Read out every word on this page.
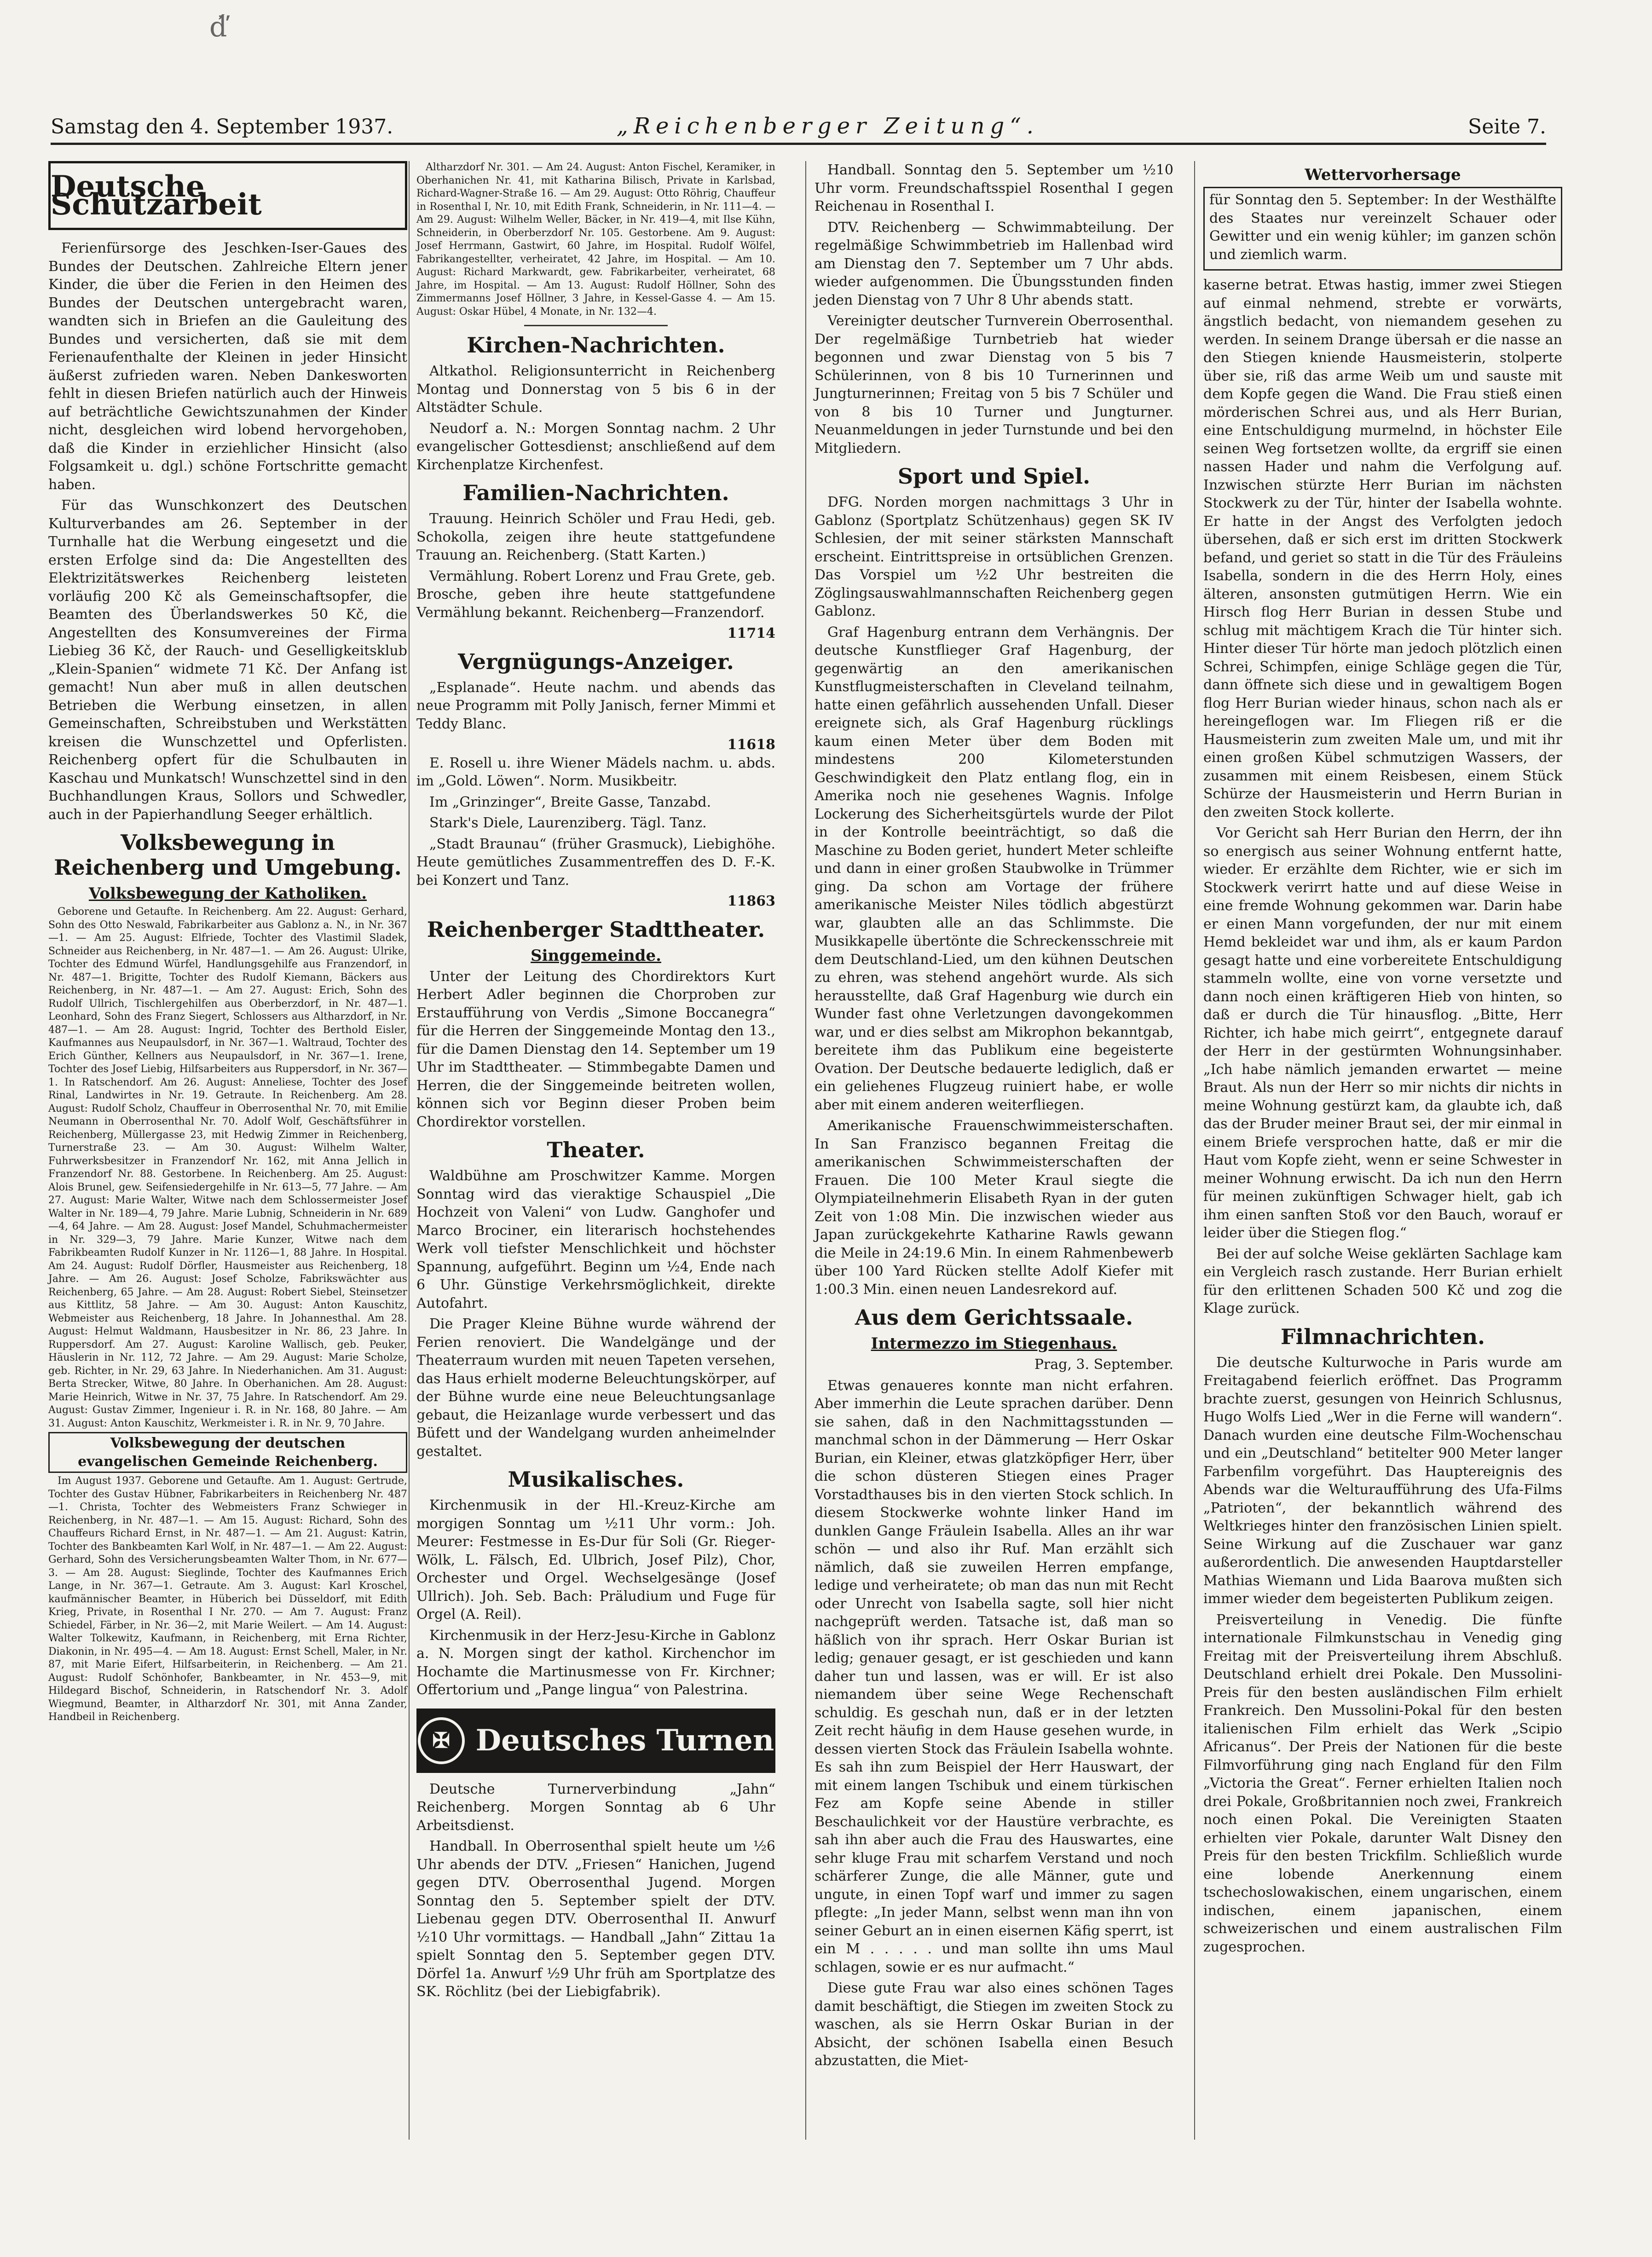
ď́
Samstag den 4. September 1937.	„Reichenberger Zeitung“.	Seite 7.
Deutsche Schutzarbeit

Ferienfürsorge des Jeschken-Iser-Gaues des Bundes der Deutschen. Zahlreiche Eltern jener Kinder, die über die Ferien in den Heimen des Bundes der Deutschen untergebracht waren, wandten sich in Briefen an die Gauleitung des Bundes und versicherten, daß sie mit dem Ferienaufenthalte der Kleinen in jeder Hinsicht äußerst zufrieden waren. Neben Dankesworten fehlt in diesen Briefen natürlich auch der Hinweis auf beträchtliche Gewichtszunahmen der Kinder nicht, desgleichen wird lobend hervorgehoben, daß die Kinder in erziehlicher Hinsicht (also Folgsamkeit u. dgl.) schöne Fortschritte gemacht haben.

Für das Wunschkonzert des Deutschen Kulturverbandes am 26. September in der Turnhalle hat die Werbung eingesetzt und die ersten Erfolge sind da: Die Angestellten des Elektrizitätswerkes Reichenberg leisteten vorläufig 200 Kč als Gemeinschaftsopfer, die Beamten des Überlandswerkes 50 Kč, die Angestellten des Konsumvereines der Firma Liebieg 36 Kč, der Rauch- und Geselligkeitsklub „Klein-Spanien“ widmete 71 Kč. Der Anfang ist gemacht! Nun aber muß in allen deutschen Betrieben die Werbung einsetzen, in allen Gemeinschaften, Schreibstuben und Werkstätten kreisen die Wunschzettel und Opferlisten. Reichenberg opfert für die Schulbauten in Kaschau und Munkatsch! Wunschzettel sind in den Buchhandlungen Kraus, Sollors und Schwedler, auch in der Papierhandlung Seeger erhältlich.

Volksbewegung in Reichenberg und Umgebung.
Volksbewegung der Katholiken.

Geborene und Getaufte. In Reichenberg. Am 22. August: Gerhard, Sohn des Otto Neswald, Fabrikarbeiter aus Gablonz a. N., in Nr. 367—1. — Am 25. August: Elfriede, Tochter des Vlastimil Sladek, Schneider aus Reichenberg, in Nr. 487—1. — Am 26. August: Ulrike, Tochter des Edmund Würfel, Handlungsgehilfe aus Franzendorf, in Nr. 487—1. Brigitte, Tochter des Rudolf Kiemann, Bäckers aus Reichenberg, in Nr. 487—1. — Am 27. August: Erich, Sohn des Rudolf Ullrich, Tischlergehilfen aus Oberberzdorf, in Nr. 487—1. Leonhard, Sohn des Franz Siegert, Schlossers aus Altharzdorf, in Nr. 487—1. — Am 28. August: Ingrid, Tochter des Berthold Eisler, Kaufmannes aus Neupaulsdorf, in Nr. 367—1. Waltraud, Tochter des Erich Günther, Kellners aus Neupaulsdorf, in Nr. 367—1. Irene, Tochter des Josef Liebig, Hilfsarbeiters aus Ruppersdorf, in Nr. 367—1. In Ratschendorf. Am 26. August: Anneliese, Tochter des Josef Rinal, Landwirtes in Nr. 19. Getraute. In Reichenberg. Am 28. August: Rudolf Scholz, Chauffeur in Oberrosenthal Nr. 70, mit Emilie Neumann in Oberrosenthal Nr. 70. Adolf Wolf, Geschäftsführer in Reichenberg, Müllergasse 23, mit Hedwig Zimmer in Reichenberg, Turnerstraße 23. — Am 30. August: Wilhelm Walter, Fuhrwerksbesitzer in Franzendorf Nr. 162, mit Anna Jellich in Franzendorf Nr. 88. Gestorbene. In Reichenberg. Am 25. August: Alois Brunel, gew. Seifensiedergehilfe in Nr. 613—5, 77 Jahre. — Am 27. August: Marie Walter, Witwe nach dem Schlossermeister Josef Walter in Nr. 189—4, 79 Jahre. Marie Lubnig, Schneiderin in Nr. 689—4, 64 Jahre. — Am 28. August: Josef Mandel, Schuhmachermeister in Nr. 329—3, 79 Jahre. Marie Kunzer, Witwe nach dem Fabrikbeamten Rudolf Kunzer in Nr. 1126—1, 88 Jahre. In Hospital. Am 24. August: Rudolf Dörfler, Hausmeister aus Reichenberg, 18 Jahre. — Am 26. August: Josef Scholze, Fabrikswächter aus Reichenberg, 65 Jahre. — Am 28. August: Robert Siebel, Steinsetzer aus Kittlitz, 58 Jahre. — Am 30. August: Anton Kauschitz, Webmeister aus Reichenberg, 18 Jahre. In Johannesthal. Am 28. August: Helmut Waldmann, Hausbesitzer in Nr. 86, 23 Jahre. In Ruppersdorf. Am 27. August: Karoline Wallisch, geb. Peuker, Häuslerin in Nr. 112, 72 Jahre. — Am 29. August: Marie Scholze, geb. Richter, in Nr. 29, 63 Jahre. In Niederhanichen. Am 31. August: Berta Strecker, Witwe, 80 Jahre. In Oberhanichen. Am 28. August: Marie Heinrich, Witwe in Nr. 37, 75 Jahre. In Ratschendorf. Am 29. August: Gustav Zimmer, Ingenieur i. R. in Nr. 168, 80 Jahre. — Am 31. August: Anton Kauschitz, Werkmeister i. R. in Nr. 9, 70 Jahre.

Volksbewegung der deutschen evangelischen Gemeinde Reichenberg.

Im August 1937. Geborene und Getaufte. Am 1. August: Gertrude, Tochter des Gustav Hübner, Fabrikarbeiters in Reichenberg Nr. 487—1. Christa, Tochter des Webmeisters Franz Schwieger in Reichenberg, in Nr. 487—1. — Am 15. August: Richard, Sohn des Chauffeurs Richard Ernst, in Nr. 487—1. — Am 21. August: Katrin, Tochter des Bankbeamten Karl Wolf, in Nr. 487—1. — Am 22. August: Gerhard, Sohn des Versicherungsbeamten Walter Thom, in Nr. 677—3. — Am 28. August: Sieglinde, Tochter des Kaufmannes Erich Lange, in Nr. 367—1. Getraute. Am 3. August: Karl Kroschel, kaufmännischer Beamter, in Hüberich bei Düsseldorf, mit Edith Krieg, Private, in Rosenthal I Nr. 270. — Am 7. August: Franz Schiedel, Färber, in Nr. 36—2, mit Marie Weilert. — Am 14. August: Walter Tolkewitz, Kaufmann, in Reichenberg, mit Erna Richter, Diakonin, in Nr. 495—4. — Am 18. August: Ernst Schell, Maler, in Nr. 87, mit Marie Eifert, Hilfsarbeiterin, in Reichenberg. — Am 21. August: Rudolf Schönhofer, Bankbeamter, in Nr. 453—9, mit Hildegard Bischof, Schneiderin, in Ratschendorf Nr. 3. Adolf Wiegmund, Beamter, in Altharzdorf Nr. 301, mit Anna Zander, Handbeil in Reichenberg.

Altharzdorf Nr. 301. — Am 24. August: Anton Fischel, Keramiker, in Oberhanichen Nr. 41, mit Katharina Bilisch, Private in Karlsbad, Richard-Wagner-Straße 16. — Am 29. August: Otto Röhrig, Chauffeur in Rosenthal I, Nr. 10, mit Edith Frank, Schneiderin, in Nr. 111—4. — Am 29. August: Wilhelm Weller, Bäcker, in Nr. 419—4, mit Ilse Kühn, Schneiderin, in Oberberzdorf Nr. 105. Gestorbene. Am 9. August: Josef Herrmann, Gastwirt, 60 Jahre, im Hospital. Rudolf Wölfel, Fabrikangestellter, verheiratet, 42 Jahre, im Hospital. — Am 10. August: Richard Markwardt, gew. Fabrikarbeiter, verheiratet, 68 Jahre, im Hospital. — Am 13. August: Rudolf Höllner, Sohn des Zimmermanns Josef Höllner, 3 Jahre, in Kessel-Gasse 4. — Am 15. August: Oskar Hübel, 4 Monate, in Nr. 132—4.

Kirchen-Nachrichten.

Altkathol. Religionsunterricht in Reichenberg Montag und Donnerstag von 5 bis 6 in der Altstädter Schule.

Neudorf a. N.: Morgen Sonntag nachm. 2 Uhr evangelischer Gottesdienst; anschließend auf dem Kirchenplatze Kirchenfest.

Familien-Nachrichten.

Trauung. Heinrich Schöler und Frau Hedi, geb. Schokolla, zeigen ihre heute stattgefundene Trauung an. Reichenberg. (Statt Karten.)

Vermählung. Robert Lorenz und Frau Grete, geb. Brosche, geben ihre heute stattgefundene Vermählung bekannt. Reichenberg—Franzendorf.

11714
Vergnügungs-Anzeiger.

„Esplanade“. Heute nachm. und abends das neue Programm mit Polly Janisch, ferner Mimmi et Teddy Blanc.

11618

E. Rosell u. ihre Wiener Mädels nachm. u. abds. im „Gold. Löwen“. Norm. Musikbeitr.

Im „Grinzinger“, Breite Gasse, Tanzabd.

Stark's Diele, Laurenziberg. Tägl. Tanz.

„Stadt Braunau“ (früher Grasmuck), Liebighöhe. Heute gemütliches Zusammentreffen des D. F.-K. bei Konzert und Tanz.

11863
Reichenberger Stadttheater.
Singgemeinde.

Unter der Leitung des Chordirektors Kurt Herbert Adler beginnen die Chorproben zur Erstaufführung von Verdis „Simone Boccanegra“ für die Herren der Singgemeinde Montag den 13., für die Damen Dienstag den 14. September um 19 Uhr im Stadttheater. — Stimmbegabte Damen und Herren, die der Singgemeinde beitreten wollen, können sich vor Beginn dieser Proben beim Chordirektor vorstellen.

Theater.

Waldbühne am Proschwitzer Kamme. Morgen Sonntag wird das vieraktige Schauspiel „Die Hochzeit von Valeni“ von Ludw. Ganghofer und Marco Brociner, ein literarisch hochstehendes Werk voll tiefster Menschlichkeit und höchster Spannung, aufgeführt. Beginn um ½4, Ende nach 6 Uhr. Günstige Verkehrsmöglichkeit, direkte Autofahrt.

Die Prager Kleine Bühne wurde während der Ferien renoviert. Die Wandelgänge und der Theaterraum wurden mit neuen Tapeten versehen, das Haus erhielt moderne Beleuchtungskörper, auf der Bühne wurde eine neue Beleuchtungsanlage gebaut, die Heizanlage wurde verbessert und das Büfett und der Wandelgang wurden anheimelnder gestaltet.

Musikalisches.

Kirchenmusik in der Hl.-Kreuz-Kirche am morgigen Sonntag um ½11 Uhr vorm.: Joh. Meurer: Festmesse in Es-Dur für Soli (Gr. Rieger-Wölk, L. Fälsch, Ed. Ulbrich, Josef Pilz), Chor, Orchester und Orgel. Wechselgesänge (Josef Ullrich). Joh. Seb. Bach: Präludium und Fuge für Orgel (A. Reil).

Kirchenmusik in der Herz-Jesu-Kirche in Gablonz a. N. Morgen singt der kathol. Kirchenchor im Hochamte die Martinusmesse von Fr. Kirchner; Offertorium und „Pange lingua“ von Palestrina.

✠ Deutsches Turnen

Deutsche Turnerverbindung „Jahn“ Reichenberg. Morgen Sonntag ab 6 Uhr Arbeitsdienst.

Handball. In Oberrosenthal spielt heute um ½6 Uhr abends der DTV. „Friesen“ Hanichen, Jugend gegen DTV. Oberrosenthal Jugend. Morgen Sonntag den 5. September spielt der DTV. Liebenau gegen DTV. Oberrosenthal II. Anwurf ½10 Uhr vormittags. — Handball „Jahn“ Zittau 1a spielt Sonntag den 5. September gegen DTV. Dörfel 1a. Anwurf ½9 Uhr früh am Sportplatze des SK. Röchlitz (bei der Liebigfabrik).

Handball. Sonntag den 5. September um ½10 Uhr vorm. Freundschaftsspiel Rosenthal I gegen Reichenau in Rosenthal I.

DTV. Reichenberg — Schwimmabteilung. Der regelmäßige Schwimmbetrieb im Hallenbad wird am Dienstag den 7. September um 7 Uhr abds. wieder aufgenommen. Die Übungsstunden finden jeden Dienstag von 7 Uhr 8 Uhr abends statt.

Vereinigter deutscher Turnverein Oberrosenthal. Der regelmäßige Turnbetrieb hat wieder begonnen und zwar Dienstag von 5 bis 7 Schülerinnen, von 8 bis 10 Turnerinnen und Jungturnerinnen; Freitag von 5 bis 7 Schüler und von 8 bis 10 Turner und Jungturner. Neuanmeldungen in jeder Turnstunde und bei den Mitgliedern.

Sport und Spiel.

DFG. Norden morgen nachmittags 3 Uhr in Gablonz (Sportplatz Schützenhaus) gegen SK IV Schlesien, der mit seiner stärksten Mannschaft erscheint. Eintrittspreise in ortsüblichen Grenzen. Das Vorspiel um ½2 Uhr bestreiten die Zöglingsauswahlmannschaften Reichenberg gegen Gablonz.

Graf Hagenburg entrann dem Verhängnis. Der deutsche Kunstflieger Graf Hagenburg, der gegenwärtig an den amerikanischen Kunstflugmeisterschaften in Cleveland teilnahm, hatte einen gefährlich aussehenden Unfall. Dieser ereignete sich, als Graf Hagenburg rücklings kaum einen Meter über dem Boden mit mindestens 200 Kilometerstunden Geschwindigkeit den Platz entlang flog, ein in Amerika noch nie gesehenes Wagnis. Infolge Lockerung des Sicherheitsgürtels wurde der Pilot in der Kontrolle beeinträchtigt, so daß die Maschine zu Boden geriet, hundert Meter schleifte und dann in einer großen Staubwolke in Trümmer ging. Da schon am Vortage der frühere amerikanische Meister Niles tödlich abgestürzt war, glaubten alle an das Schlimmste. Die Musikkapelle übertönte die Schreckensschreie mit dem Deutschland-Lied, um den kühnen Deutschen zu ehren, was stehend angehört wurde. Als sich herausstellte, daß Graf Hagenburg wie durch ein Wunder fast ohne Verletzungen davongekommen war, und er dies selbst am Mikrophon bekanntgab, bereitete ihm das Publikum eine begeisterte Ovation. Der Deutsche bedauerte lediglich, daß er ein geliehenes Flugzeug ruiniert habe, er wolle aber mit einem anderen weiterfliegen.

Amerikanische Frauenschwimmeisterschaften. In San Franzisco begannen Freitag die amerikanischen Schwimmeisterschaften der Frauen. Die 100 Meter Kraul siegte die Olympiateilnehmerin Elisabeth Ryan in der guten Zeit von 1:08 Min. Die inzwischen wieder aus Japan zurückgekehrte Katharine Rawls gewann die Meile in 24:19.6 Min. In einem Rahmenbewerb über 100 Yard Rücken stellte Adolf Kiefer mit 1:00.3 Min. einen neuen Landesrekord auf.

Aus dem Gerichtssaale.
Intermezzo im Stiegenhaus.

Prag, 3. September.

Etwas genaueres konnte man nicht erfahren. Aber immerhin die Leute sprachen darüber. Denn sie sahen, daß in den Nachmittagsstunden — manchmal schon in der Dämmerung — Herr Oskar Burian, ein Kleiner, etwas glatzköpfiger Herr, über die schon düsteren Stiegen eines Prager Vorstadthauses bis in den vierten Stock schlich. In diesem Stockwerke wohnte linker Hand im dunklen Gange Fräulein Isabella. Alles an ihr war schön — und also ihr Ruf. Man erzählt sich nämlich, daß sie zuweilen Herren empfange, ledige und verheiratete; ob man das nun mit Recht oder Unrecht von Isabella sagte, soll hier nicht nachgeprüft werden. Tatsache ist, daß man so häßlich von ihr sprach. Herr Oskar Burian ist ledig; genauer gesagt, er ist geschieden und kann daher tun und lassen, was er will. Er ist also niemandem über seine Wege Rechenschaft schuldig. Es geschah nun, daß er in der letzten Zeit recht häufig in dem Hause gesehen wurde, in dessen vierten Stock das Fräulein Isabella wohnte. Es sah ihn zum Beispiel der Herr Hauswart, der mit einem langen Tschibuk und einem türkischen Fez am Kopfe seine Abende in stiller Beschaulichkeit vor der Haustüre verbrachte, es sah ihn aber auch die Frau des Hauswartes, eine sehr kluge Frau mit scharfem Verstand und noch schärferer Zunge, die alle Männer, gute und ungute, in einen Topf warf und immer zu sagen pflegte: „In jeder Mann, selbst wenn man ihn von seiner Geburt an in einen eisernen Käfig sperrt, ist ein M . . . . . und man sollte ihn ums Maul schlagen, sowie er es nur aufmacht.“

Diese gute Frau war also eines schönen Tages damit beschäftigt, die Stiegen im zweiten Stock zu waschen, als sie Herrn Oskar Burian in der Absicht, der schönen Isabella einen Besuch abzustatten, die Miet-

Wettervorhersage

für Sonntag den 5. September: In der Westhälfte des Staates nur vereinzelt Schauer oder Gewitter und ein wenig kühler; im ganzen schön und ziemlich warm.

kaserne betrat. Etwas hastig, immer zwei Stiegen auf einmal nehmend, strebte er vorwärts, ängstlich bedacht, von niemandem gesehen zu werden. In seinem Drange übersah er die nasse an den Stiegen kniende Hausmeisterin, stolperte über sie, riß das arme Weib um und sauste mit dem Kopfe gegen die Wand. Die Frau stieß einen mörderischen Schrei aus, und als Herr Burian, eine Entschuldigung murmelnd, in höchster Eile seinen Weg fortsetzen wollte, da ergriff sie einen nassen Hader und nahm die Verfolgung auf. Inzwischen stürzte Herr Burian im nächsten Stockwerk zu der Tür, hinter der Isabella wohnte. Er hatte in der Angst des Verfolgten jedoch übersehen, daß er sich erst im dritten Stockwerk befand, und geriet so statt in die Tür des Fräuleins Isabella, sondern in die des Herrn Holy, eines älteren, ansonsten gutmütigen Herrn. Wie ein Hirsch flog Herr Burian in dessen Stube und schlug mit mächtigem Krach die Tür hinter sich. Hinter dieser Tür hörte man jedoch plötzlich einen Schrei, Schimpfen, einige Schläge gegen die Tür, dann öffnete sich diese und in gewaltigem Bogen flog Herr Burian wieder hinaus, schon nach als er hereingeflogen war. Im Fliegen riß er die Hausmeisterin zum zweiten Male um, und mit ihr einen großen Kübel schmutzigen Wassers, der zusammen mit einem Reisbesen, einem Stück Schürze der Hausmeisterin und Herrn Burian in den zweiten Stock kollerte.

Vor Gericht sah Herr Burian den Herrn, der ihn so energisch aus seiner Wohnung entfernt hatte, wieder. Er erzählte dem Richter, wie er sich im Stockwerk verirrt hatte und auf diese Weise in eine fremde Wohnung gekommen war. Darin habe er einen Mann vorgefunden, der nur mit einem Hemd bekleidet war und ihm, als er kaum Pardon gesagt hatte und eine vorbereitete Entschuldigung stammeln wollte, eine von vorne versetzte und dann noch einen kräftigeren Hieb von hinten, so daß er durch die Tür hinausflog. „Bitte, Herr Richter, ich habe mich geirrt“, entgegnete darauf der Herr in der gestürmten Wohnungsinhaber. „Ich habe nämlich jemanden erwartet — meine Braut. Als nun der Herr so mir nichts dir nichts in meine Wohnung gestürzt kam, da glaubte ich, daß das der Bruder meiner Braut sei, der mir einmal in einem Briefe versprochen hatte, daß er mir die Haut vom Kopfe zieht, wenn er seine Schwester in meiner Wohnung erwischt. Da ich nun den Herrn für meinen zukünftigen Schwager hielt, gab ich ihm einen sanften Stoß vor den Bauch, worauf er leider über die Stiegen flog.“

Bei der auf solche Weise geklärten Sachlage kam ein Vergleich rasch zustande. Herr Burian erhielt für den erlittenen Schaden 500 Kč und zog die Klage zurück.

Filmnachrichten.

Die deutsche Kulturwoche in Paris wurde am Freitagabend feierlich eröffnet. Das Programm brachte zuerst, gesungen von Heinrich Schlusnus, Hugo Wolfs Lied „Wer in die Ferne will wandern“. Danach wurden eine deutsche Film-Wochenschau und ein „Deutschland“ betitelter 900 Meter langer Farbenfilm vorgeführt. Das Hauptereignis des Abends war die Welturaufführung des Ufa-Films „Patrioten“, der bekanntlich während des Weltkrieges hinter den französischen Linien spielt. Seine Wirkung auf die Zuschauer war ganz außerordentlich. Die anwesenden Hauptdarsteller Mathias Wiemann und Lida Baarova mußten sich immer wieder dem begeisterten Publikum zeigen.

Preisverteilung in Venedig. Die fünfte internationale Filmkunstschau in Venedig ging Freitag mit der Preisverteilung ihrem Abschluß. Deutschland erhielt drei Pokale. Den Mussolini-Preis für den besten ausländischen Film erhielt Frankreich. Den Mussolini-Pokal für den besten italienischen Film erhielt das Werk „Scipio Africanus“. Der Preis der Nationen für die beste Filmvorführung ging nach England für den Film „Victoria the Great“. Ferner erhielten Italien noch drei Pokale, Großbritannien noch zwei, Frankreich noch einen Pokal. Die Vereinigten Staaten erhielten vier Pokale, darunter Walt Disney den Preis für den besten Trickfilm. Schließlich wurde eine lobende Anerkennung einem tschechoslowakischen, einem ungarischen, einem indischen, einem japanischen, einem schweizerischen und einem australischen Film zugesprochen.
